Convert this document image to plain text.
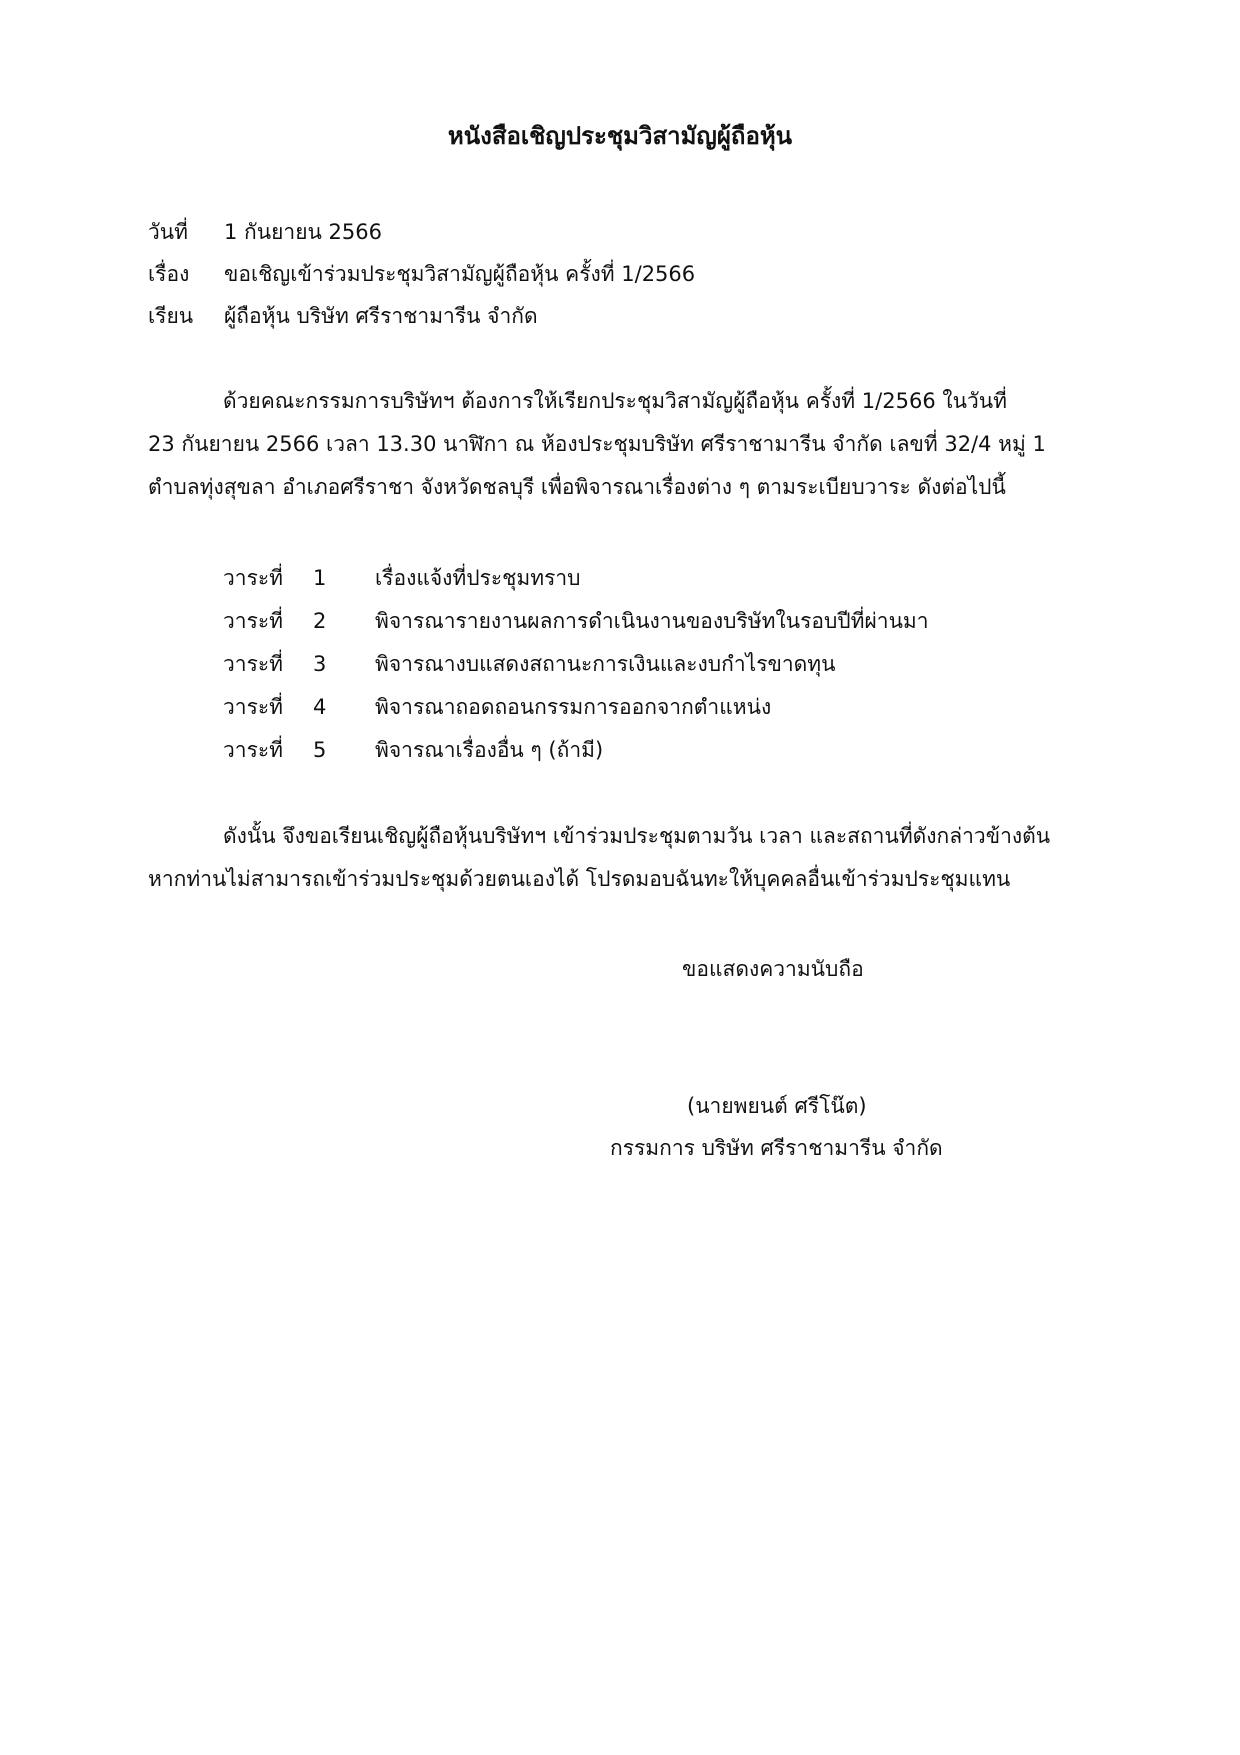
หนังสือเชิญประชุมวิสามัญผู้ถือหุ้น
วันที่ 1 กันยายน 2566
เรื่อง ขอเชิญเข้าร่วมประชุมวิสามัญผู้ถือหุ้น ครั้งที่ 1/2566
เรียน ผู้ถือหุ้น บริษัท ศรีราชามารีน จำกัด
ด้วยคณะกรรมการบริษัทฯ ต้องการให้เรียกประชุมวิสามัญผู้ถือหุ้น ครั้งที่ 1/2566 ในวันที่
23 กันยายน 2566 เวลา 13.30 นาฬิกา ณ ห้องประชุมบริษัท ศรีราชามารีน จำกัด เลขที่ 32/4 หมู่ 1
ตำบลทุ่งสุขลา อำเภอศรีราชา จังหวัดชลบุรี เพื่อพิจารณาเรื่องต่าง ๆ ตามระเบียบวาระ ดังต่อไปนี้
วาระที่ 1 เรื่องแจ้งที่ประชุมทราบ
วาระที่ 2 พิจารณารายงานผลการดำเนินงานของบริษัทในรอบปีที่ผ่านมา
วาระที่ 3 พิจารณางบแสดงสถานะการเงินและงบกำไรขาดทุน
วาระที่ 4 พิจารณาถอดถอนกรรมการออกจากตำแหน่ง
วาระที่ 5 พิจารณาเรื่องอื่น ๆ (ถ้ามี)
ดังนั้น จึงขอเรียนเชิญผู้ถือหุ้นบริษัทฯ เข้าร่วมประชุมตามวัน เวลา และสถานที่ดังกล่าวข้างต้น
หากท่านไม่สามารถเข้าร่วมประชุมด้วยตนเองได้ โปรดมอบฉันทะให้บุคคลอื่นเข้าร่วมประชุมแทน
ขอแสดงความนับถือ
(นายพยนต์ ศรีโน๊ต)
กรรมการ บริษัท ศรีราชามารีน จำกัด
